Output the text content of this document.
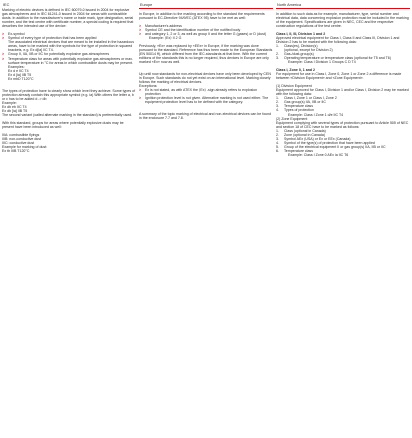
IEC

Marking of electric devices is defined in IEC 60079-0 issued in 2004 for explosive gas atmospheres and in IEC 61241-0 issued in 2004 for areas with combustible dusts. In addition to the manufacturer's name or trade mark, type designation, serial number, and the test centre with certificate number, a special coding is required that describes the intended use of the device:

> Ex-symbol
> Symbol of every type of protection that has been applied
The associated electrical devices that are meant to be installed in the hazardous areas, have to be marked with the symbols for the type of protection in squared brackets, e.g. Ex d[ia] IIC T4.
> Group II, IIA, IIB or IIC for potentially explosive gas atmospheres
> Temperature class for areas with potentially explosive gas atmospheres or max. surface temperature in °C for areas in which combustible dusts may be present.
Examples:
Ex d e IIC T4
Ex d [ia] IIB T5
Ex mbD T120°C

The types of protection have to clearly show which level they achieve. Some types of protection already contain this appropriate symbol (e.g. ia) With others the letter a, b or c has to be added d -> db

Example:
Ex db eb IIC T4
Ex db [ia] IIB T5

The second variant (called alternate marking in the standard) is preferentially used.

With this standard, groups for areas where potentially explosive dusts may be present have been introduced as well:

IIIA: combustible flyings
IIIB: non-conductive dust
IIIC: conductive dust
Example for marking of dust:
Ex tb IIIB T120°C
Europe

In Europe, in addition to the marking according to the standard the requirements pursuant to EC-Directive 94/9/EC (ATEX 95) have to be met as well:

> Manufacturer's address
> Symbol CE and the identification number of the notified body
> and category 1, 2 or 3, as well as group II and the letter G (gases) or D (dust)
Example: ⟨Ex⟩ II 2 G

Previously, «Ex» was replaced by «EEx» in Europe, if the marking was done pursuant to the standard. Reference has thus been made to the European Standards (EN 50014 ff), which differed from the IEC-standards at that time. With the current editions of the standards this is no longer required, thus devices in Europe are only marked «Ex» now as well.

Up until now standards for non-electrical devices have only been developed by CEN in Europe. Such standards do not yet exist on an international level. Marking closely follows the marking of electrical devices.

Exceptions:
> Ex is not stated, as with ATEX the ⟨Ex⟩ -sign already refers to explosion protection
> Ignition protection level is not given. Alternative marking is not used either. The equipment protection level has to be defined with the category.

A summary of the topic marking of electrical and non-electrical devices can be found in the enclosure 7.7 and 7.8.

North America

In addition to such data as for example, manufacturer, type, serial number and electrical data, data concerning explosion protection must be included in the marking of the equipment. Specifications are given in NEC, CEC and the respective construction regulations of the test centre.

Class I, II, III, Division 1 and 2
Approved electrical equipment for Class I, Class II and Class III, Division 1 and Division 2 has to be marked with the following data:
1. Class(es), Division(s)
(optional, except for Division 2)
2. Gas-/dust-group(s)
3. Operating temperature or temperature class (optional for T5 and T6)
Example: Class I Division 1 Groups C D T4
Class I, Zone 0, 1 and 2

For equipment for use in Class I, Zone 0, Zone 1 or Zone 2 a difference is made between «Division Equipment» and «Zone Equipment».

(1) Division Equipment
Equipment approved for Class I, Division 1 and/or Class I, Division 2 may be marked with the following data:
1. Class I, Zone 1 or Class I, Zone 2
2. Gas group(s) IIA, IIB or IIC
3. Temperature class
4. Types of protection
Example: Class I Zone 1 d/e IIC T4
(2) Zone Equipment
Equipment complying with several types of protection pursuant to Article 505 of NEC and section 18 of CEC have to be marked as follows:
1. Class (optional in Canada)
2. Zone (optional in Canada)
3. Symbol AEx (USA) or Ex or EEx (Canada)
4. Symbol of the type(s) of protection that have been applied
5. Group of the electrical equipment II or gas group(s) IIA, IIB or IIC
6. Temperature class
Example: Class I Zone 0 AEx ia IIC T6
